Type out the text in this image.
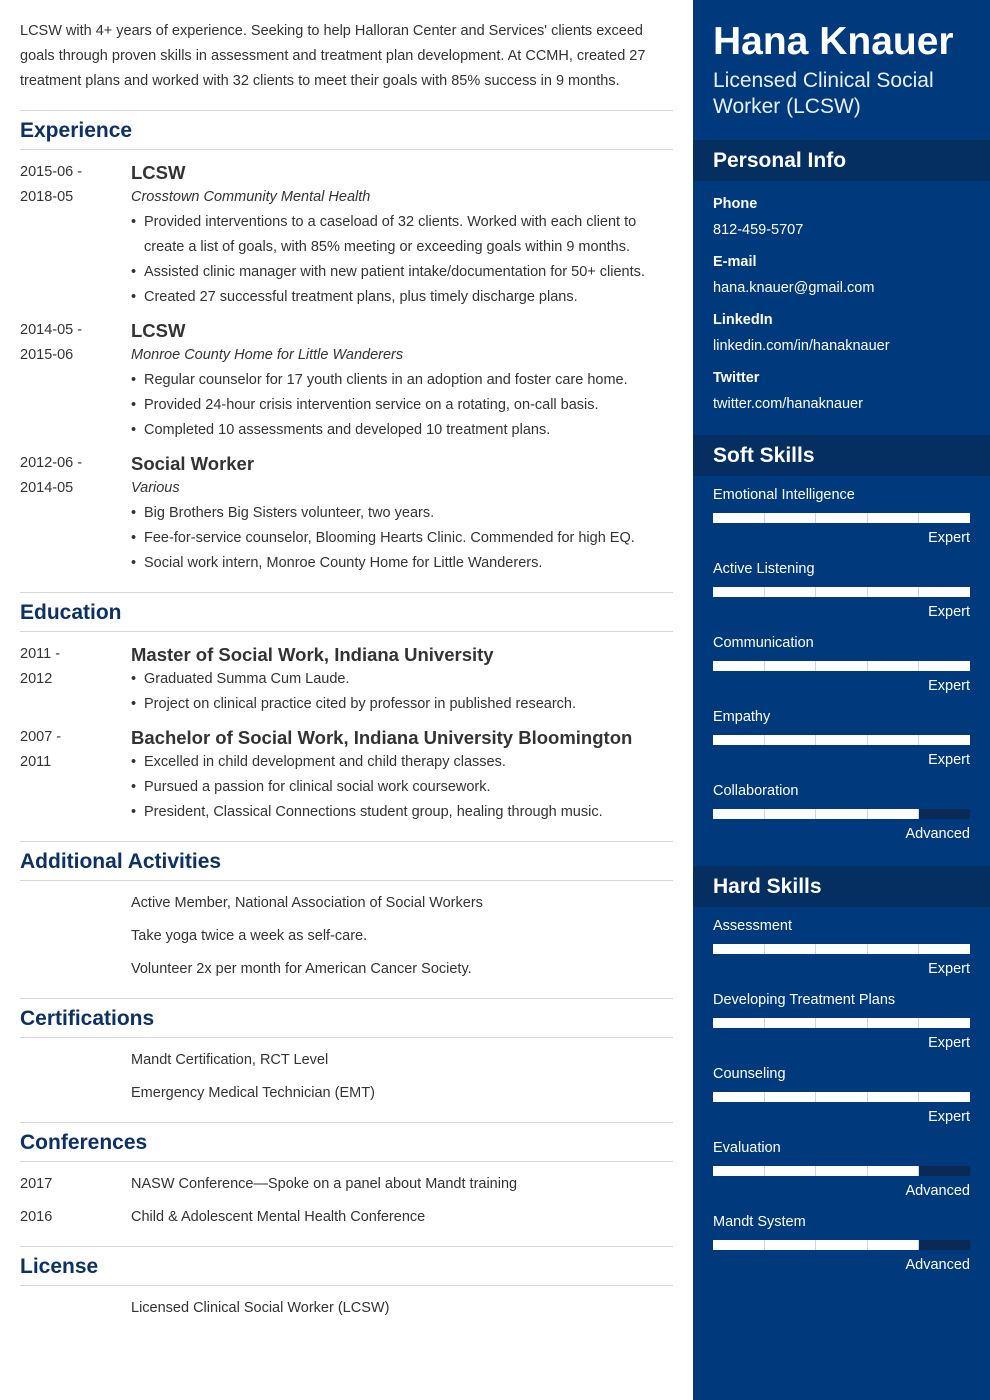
LCSW with 4+ years of experience. Seeking to help Halloran Center and Services' clients exceed goals through proven skills in assessment and treatment plan development. At CCMH, created 27 treatment plans and worked with 32 clients to meet their goals with 85% success in 9 months.

Experience
2015-06 -
2018-05

LCSW

Crosstown Community Mental Health

• Provided interventions to a caseload of 32 clients. Worked with each client to create a list of goals, with 85% meeting or exceeding goals within 9 months.
• Assisted clinic manager with new patient intake/documentation for 50+ clients.
• Created 27 successful treatment plans, plus timely discharge plans.
2014-05 -
2015-06

LCSW

Monroe County Home for Little Wanderers

• Regular counselor for 17 youth clients in an adoption and foster care home.
• Provided 24-hour crisis intervention service on a rotating, on-call basis.
• Completed 10 assessments and developed 10 treatment plans.
2012-06 -
2014-05

Social Worker

Various

• Big Brothers Big Sisters volunteer, two years.
• Fee-for-service counselor, Blooming Hearts Clinic. Commended for high EQ.
• Social work intern, Monroe County Home for Little Wanderers.
Education
2011 -
2012

Master of Social Work, Indiana University

• Graduated Summa Cum Laude.
• Project on clinical practice cited by professor in published research.
2007 -
2011

Bachelor of Social Work, Indiana University Bloomington

• Excelled in child development and child therapy classes.
• Pursued a passion for clinical social work coursework.
• President, Classical Connections student group, healing through music.
Additional Activities
Active Member, National Association of Social Workers
Take yoga twice a week as self-care.
Volunteer 2x per month for American Cancer Society.
Certifications
Mandt Certification, RCT Level
Emergency Medical Technician (EMT)
Conferences
2017	NASW Conference—Spoke on a panel about Mandt training
2016	Child & Adolescent Mental Health Conference
License
Licensed Clinical Social Worker (LCSW)
Hana Knauer

Licensed Clinical Social Worker (LCSW)

Personal Info
Phone
812-459-5707
E-mail
hana.knauer@gmail.com
LinkedIn
linkedin.com/in/hanaknauer
Twitter
twitter.com/hanaknauer
Soft Skills
Emotional Intelligence
Expert
Active Listening
Expert
Communication
Expert
Empathy
Expert
Collaboration
Advanced
Hard Skills
Assessment
Expert
Developing Treatment Plans
Expert
Counseling
Expert
Evaluation
Advanced
Mandt System
Advanced
